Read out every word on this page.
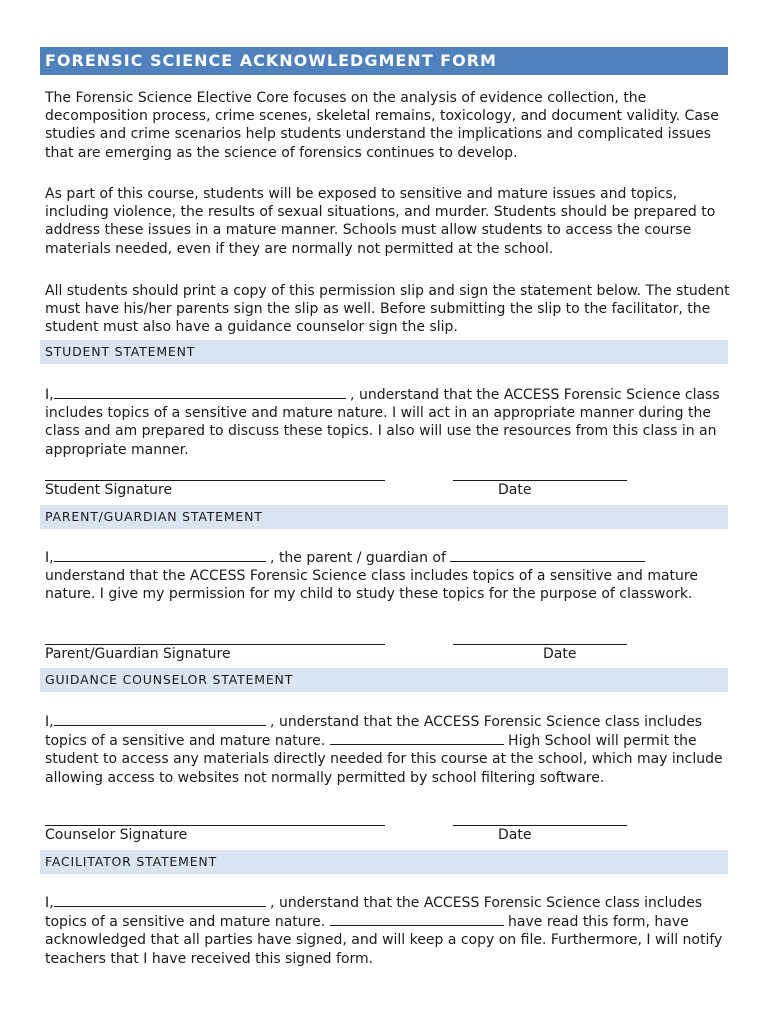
FORENSIC SCIENCE ACKNOWLEDGMENT FORM

The Forensic Science Elective Core focuses on the analysis of evidence collection, the decomposition process, crime scenes, skeletal remains, toxicology, and document validity. Case studies and crime scenarios help students understand the implications and complicated issues that are emerging as the science of forensics continues to develop.

As part of this course, students will be exposed to sensitive and mature issues and topics, including violence, the results of sexual situations, and murder. Students should be prepared to address these issues in a mature manner. Schools must allow students to access the course materials needed, even if they are normally not permitted at the school.

All students should print a copy of this permission slip and sign the statement below. The student must have his/her parents sign the slip as well. Before submitting the slip to the facilitator, the student must also have a guidance counselor sign the slip.

STUDENT STATEMENT

I,	, understand that the ACCESS Forensic Science class includes topics of a sensitive and mature nature. I will act in an appropriate manner during the class and am prepared to discuss these topics. I also will use the resources from this class in an appropriate manner.

Student Signature	Date
PARENT/GUARDIAN STATEMENT

I,	, the parent / guardian of
understand that the ACCESS Forensic Science class includes topics of a sensitive and mature nature. I give my permission for my child to study these topics for the purpose of classwork.

Parent/Guardian Signature	Date
GUIDANCE COUNSELOR STATEMENT

I,	, understand that the ACCESS Forensic Science class includes topics of a sensitive and mature nature.	High School will permit the student to access any materials directly needed for this course at the school, which may include allowing access to websites not normally permitted by school filtering software.

Counselor Signature	Date
FACILITATOR STATEMENT

I,	, understand that the ACCESS Forensic Science class includes topics of a sensitive and mature nature.	have read this form, have acknowledged that all parties have signed, and will keep a copy on file. Furthermore, I will notify teachers that I have received this signed form.
